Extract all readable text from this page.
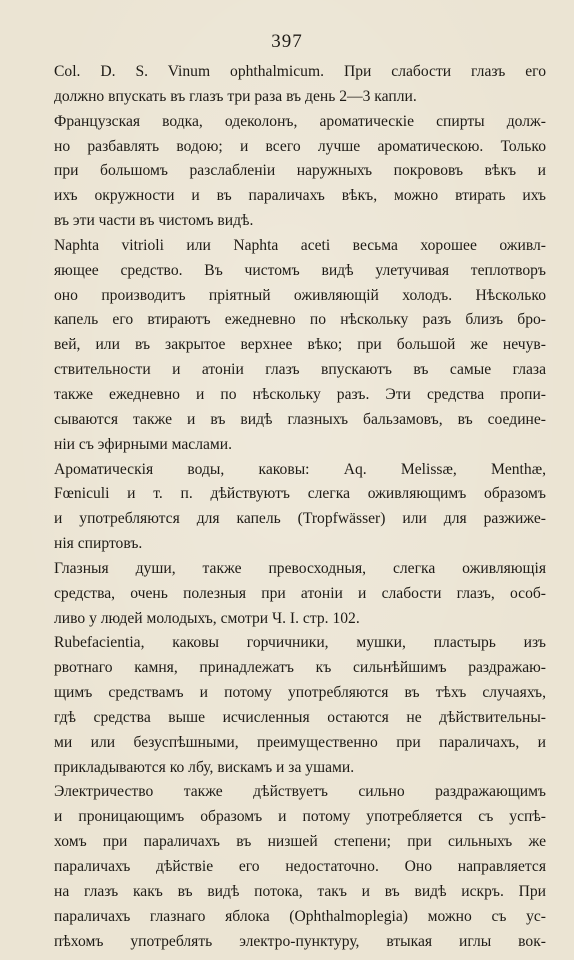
397
Col. D. S. Vinum ophthalmicum. При слабости глазъ его
должно впускать въ глазъ три раза въ день 2—3 капли.
Французская водка, одеколонъ, ароматическіе спирты долж-
но разбавлять водою; и всего лучше ароматическою. Только
при большомъ разслабленіи наружныхъ покрововъ вѣкъ и
ихъ окружности и въ параличахъ вѣкъ, можно втирать ихъ
въ эти части въ чистомъ видѣ.
Naphta vitrioli или Naphta aceti весьма хорошее оживл-
яющее средство. Въ чистомъ видѣ улетучивая теплотворъ
оно производитъ пріятный оживляющій холодъ. Нѣсколько
капель его втираютъ ежедневно по нѣскольку разъ близъ бро-
вей, или въ закрытое верхнее вѣко; при большой же нечув-
ствительности и атоніи глазъ впускаютъ въ самые глаза
также ежедневно и по нѣскольку разъ. Эти средства пропи-
сываются также и въ видѣ глазныхъ бальзамовъ, въ соедине-
ніи съ эфирными маслами.
Ароматическія воды, каковы: Aq. Melissæ, Menthæ,
Fœniculi и т. п. дѣйствуютъ слегка оживляющимъ образомъ
и употребляются для капель (Tropfwässer) или для разжиже-
нія спиртовъ.
Глазныя души, также превосходныя, слегка оживляющія
средства, очень полезныя при атоніи и слабости глазъ, особ-
ливо у людей молодыхъ, смотри Ч. I. стр. 102.
Rubefacientia, каковы горчичники, мушки, пластырь изъ
рвотнаго камня, принадлежатъ къ сильнѣйшимъ раздражаю-
щимъ средствамъ и потому употребляются въ тѣхъ случаяхъ,
гдѣ средства выше исчисленныя остаются не дѣйствительны-
ми или безуспѣшными, преимущественно при параличахъ, и
прикладываются ко лбу, вискамъ и за ушами.
Электричество также дѣйствуетъ сильно раздражающимъ
и проницающимъ образомъ и потому употребляется съ успѣ-
хомъ при параличахъ въ низшей степени; при сильныхъ же
параличахъ дѣйствіе его недостаточно. Оно направляется
на глазъ какъ въ видѣ потока, такъ и въ видѣ искръ. При
параличахъ глазнаго яблока (Ophthalmoplegia) можно съ ус-
пѣхомъ употреблять электро-пунктуру, втыкая иглы вок-
